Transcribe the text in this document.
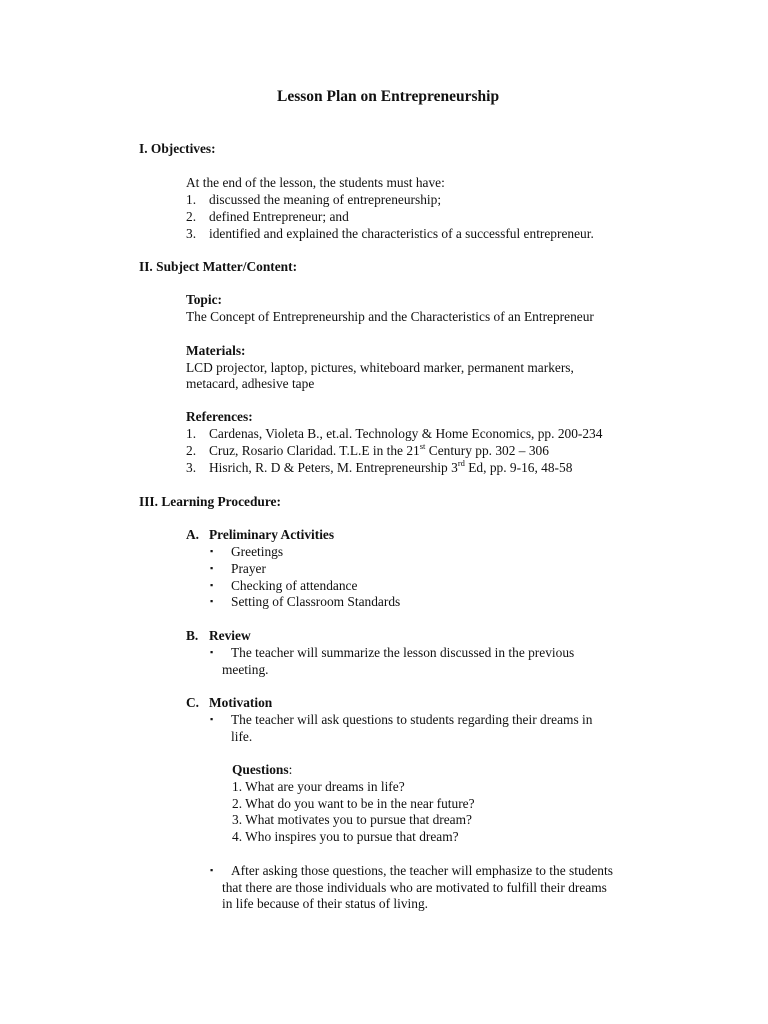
Lesson Plan on Entrepreneurship
I. Objectives:
At the end of the lesson, the students must have:
1. discussed the meaning of entrepreneurship;
2. defined Entrepreneur; and
3. identified and explained the characteristics of a successful entrepreneur.
II. Subject Matter/Content:
Topic:
The Concept of Entrepreneurship and the Characteristics of an Entrepreneur
Materials:
LCD projector, laptop, pictures, whiteboard marker, permanent markers,
metacard, adhesive tape
References:
1. Cardenas, Violeta B., et.al. Technology & Home Economics, pp. 200-234
2. Cruz, Rosario Claridad. T.L.E in the 21st Century pp. 302 – 306
3. Hisrich, R. D & Peters, M. Entrepreneurship 3rd Ed, pp. 9-16, 48-58
III. Learning Procedure:
A. Preliminary Activities
▪ Greetings
▪ Prayer
▪ Checking of attendance
▪ Setting of Classroom Standards
B. Review
▪ The teacher will summarize the lesson discussed in the previous
meeting.
C. Motivation
▪ The teacher will ask questions to students regarding their dreams in
life.
Questions:
1. What are your dreams in life?
2. What do you want to be in the near future?
3. What motivates you to pursue that dream?
4. Who inspires you to pursue that dream?
▪ After asking those questions, the teacher will emphasize to the students
that there are those individuals who are motivated to fulfill their dreams
in life because of their status of living.
